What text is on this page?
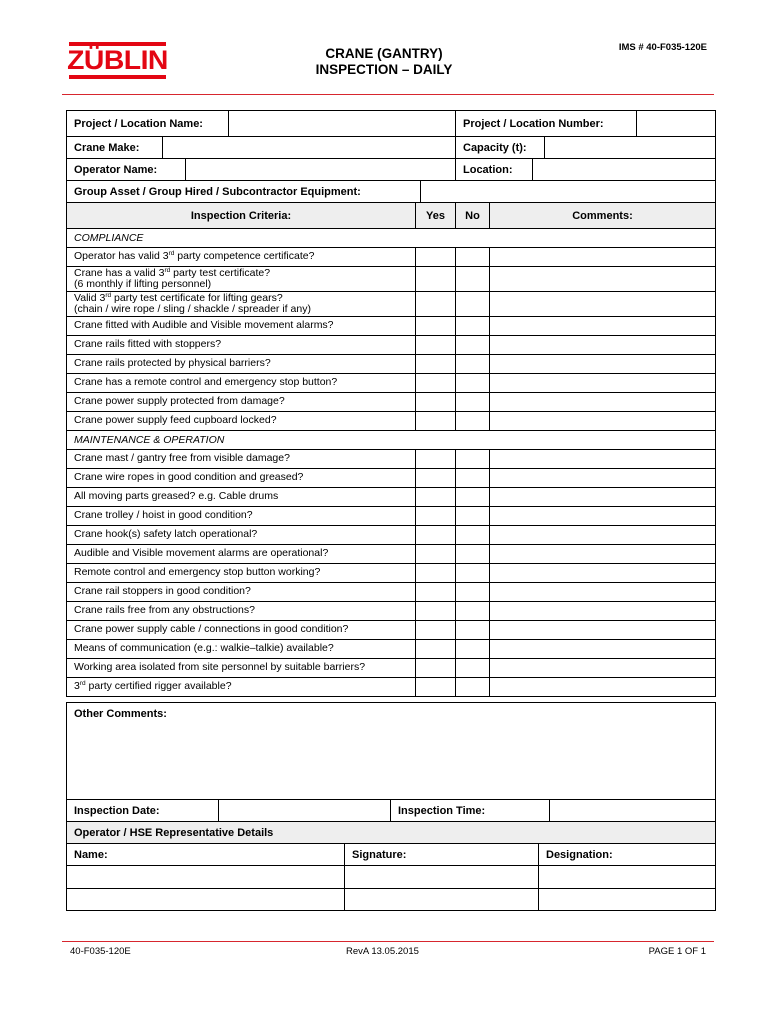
ZÜBLIN	CRANE (GANTRY)
INSPECTION – DAILY
IMS # 40-F035-120E
Project / Location Name:		Project / Location Number:	
Crane Make:		Capacity (t):	
Operator Name:		Location:	
Group Asset / Group Hired / Subcontractor Equipment:	
Inspection Criteria:	Yes	No	Comments:
COMPLIANCE			

Operator has valid 3rd party competence certificate?			

Crane has a valid 3rd party test certificate?
(6 monthly if lifting personnel)			

Valid 3rd party test certificate for lifting gears?
(chain / wire rope / sling / shackle / spreader if any)			

Crane fitted with Audible and Visible movement alarms?			

Crane rails fitted with stoppers?			

Crane rails protected by physical barriers?			

Crane has a remote control and emergency stop button?			

Crane power supply protected from damage?			

Crane power supply feed cupboard locked?			

MAINTENANCE & OPERATION			

Crane mast / gantry free from visible damage?			

Crane wire ropes in good condition and greased?			

All moving parts greased? e.g. Cable drums			

Crane trolley / hoist in good condition?			

Crane hook(s) safety latch operational?			

Audible and Visible movement alarms are operational?			

Remote control and emergency stop button working?			

Crane rail stoppers in good condition?			

Crane rails free from any obstructions?			

Crane power supply cable / connections in good condition?			

Means of communication (e.g.: walkie–talkie) available?			

Working area isolated from site personnel by suitable barriers?			

3rd party certified rigger available?			

Other Comments:
Inspection Date:		Inspection Time:	
Operator / HSE Representative Details		
Name:	Signature:	Designation:

40-F035-120E	RevA 13.05.2015	PAGE 1 OF 1
